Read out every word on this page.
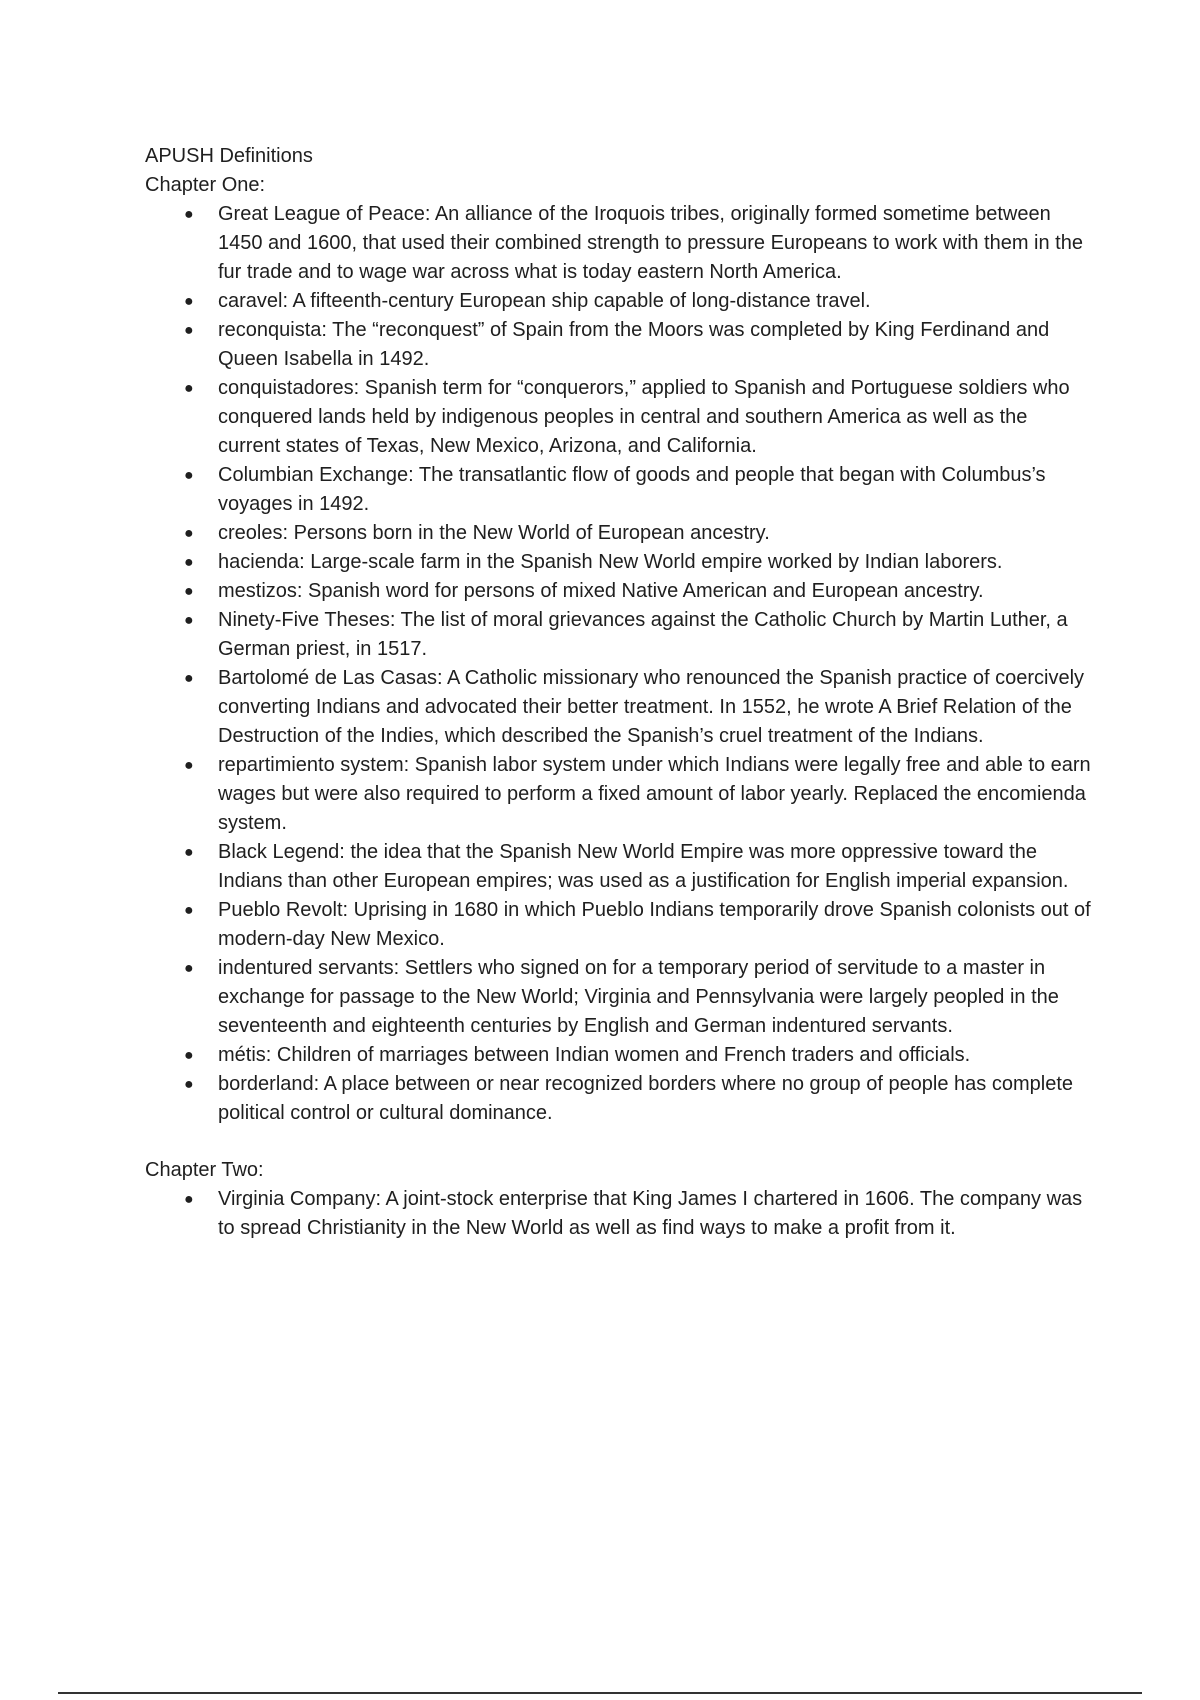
APUSH Definitions

Chapter One:

● Great League of Peace: An alliance of the Iroquois tribes, originally formed sometime between 1450 and 1600, that used their combined strength to pressure Europeans to work with them in the fur trade and to wage war across what is today eastern North America.
● caravel: A fifteenth-century European ship capable of long-distance travel.
● reconquista: The “reconquest” of Spain from the Moors was completed by King Ferdinand and Queen Isabella in 1492.
● conquistadores: Spanish term for “conquerors,” applied to Spanish and Portuguese soldiers who conquered lands held by indigenous peoples in central and southern America as well as the current states of Texas, New Mexico, Arizona, and California.
● Columbian Exchange: The transatlantic flow of goods and people that began with Columbus’s voyages in 1492.
● creoles: Persons born in the New World of European ancestry.
● hacienda: Large-scale farm in the Spanish New World empire worked by Indian laborers.
● mestizos: Spanish word for persons of mixed Native American and European ancestry.
● Ninety-Five Theses: The list of moral grievances against the Catholic Church by Martin Luther, a German priest, in 1517.
● Bartolomé de Las Casas: A Catholic missionary who renounced the Spanish practice of coercively converting Indians and advocated their better treatment. In 1552, he wrote A Brief Relation of the Destruction of the Indies, which described the Spanish’s cruel treatment of the Indians.
● repartimiento system: Spanish labor system under which Indians were legally free and able to earn wages but were also required to perform a fixed amount of labor yearly. Replaced the encomienda system.
● Black Legend: the idea that the Spanish New World Empire was more oppressive toward the Indians than other European empires; was used as a justification for English imperial expansion.
● Pueblo Revolt: Uprising in 1680 in which Pueblo Indians temporarily drove Spanish colonists out of modern-day New Mexico.
● indentured servants: Settlers who signed on for a temporary period of servitude to a master in exchange for passage to the New World; Virginia and Pennsylvania were largely peopled in the seventeenth and eighteenth centuries by English and German indentured servants.
● métis: Children of marriages between Indian women and French traders and officials.
● borderland: A place between or near recognized borders where no group of people has complete political control or cultural dominance.

Chapter Two:

● Virginia Company: A joint-stock enterprise that King James I chartered in 1606. The company was to spread Christianity in the New World as well as find ways to make a profit from it.
